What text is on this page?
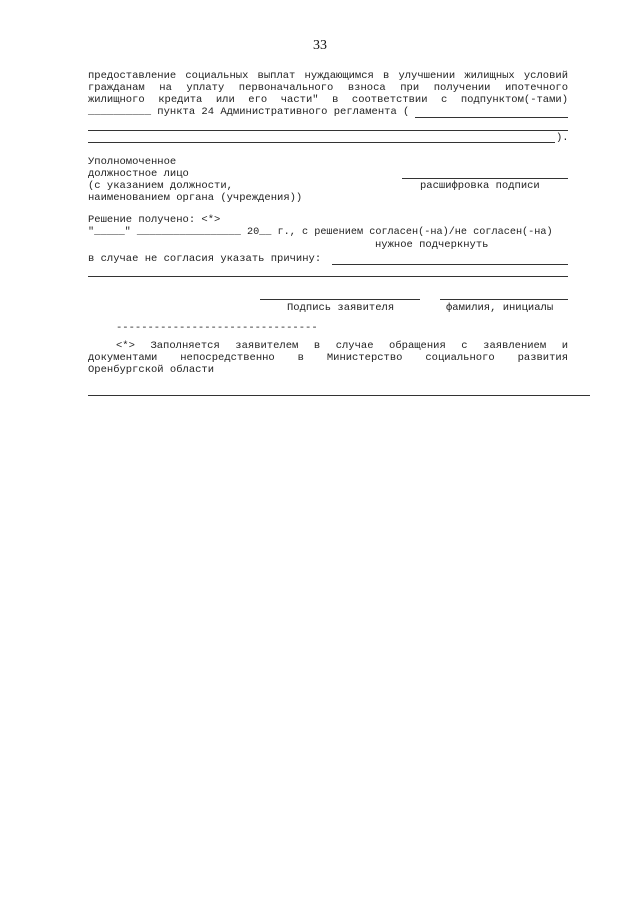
33
предоставление социальных выплат нуждающимся в улучшении жилищных условий
гражданам на уплату первоначального взноса при получении ипотечного
жилищного кредита или его части" в соответствии с подпунктом(-тами)
__________ пункта 24 Административного регламента (
).
Уполномоченное
должностное лицо
(с указанием должности,
наименованием органа (учреждения))
расшифровка подписи
Решение получено: <*>
"_____" _________________ 20__ г., с решением согласен(-на)/не согласен(-на)
нужное подчеркнуть
в случае не согласия указать причину:
Подпись заявителя	фамилия, инициалы
--------------------------------
<*> Заполняется заявителем в случае обращения с заявлением и
документами непосредственно в Министерство социального развития
Оренбургской области
